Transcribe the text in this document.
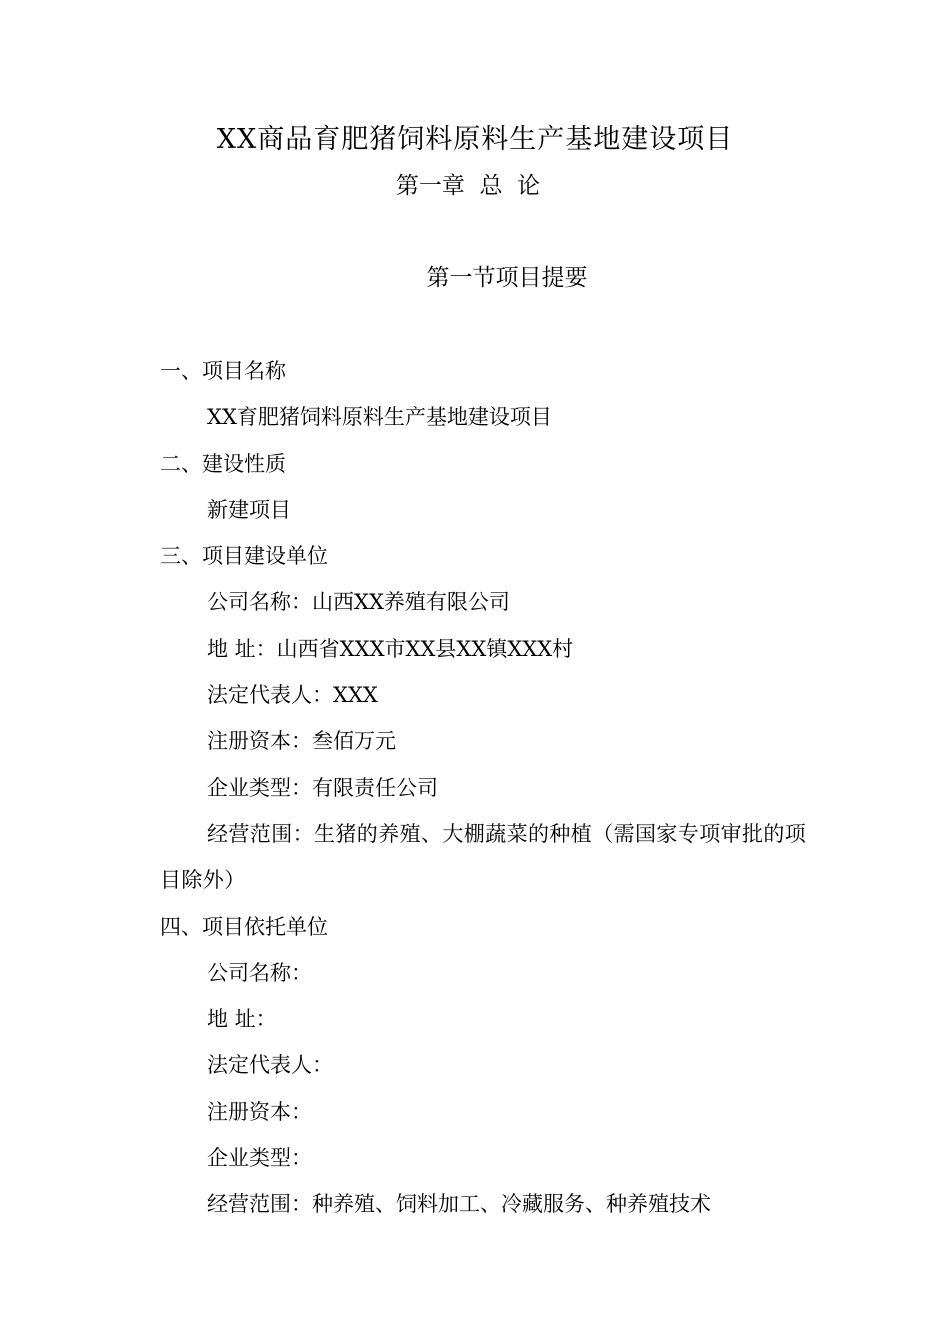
XX商品育肥猪饲料原料生产基地建设项目
第一章  总  论
第一节项目提要
一、项目名称
XX育肥猪饲料原料生产基地建设项目
二、建设性质
新建项目
三、项目建设单位
公司名称：山西XX养殖有限公司
地 址：山西省XXX市XX县XX镇XXX村
法定代表人：XXX
注册资本：叁佰万元
企业类型：有限责任公司
经营范围：生猪的养殖、大棚蔬菜的种植（需国家专项审批的项目除外）
四、项目依托单位
公司名称：
地 址：
法定代表人：
注册资本：
企业类型：
经营范围：种养殖、饲料加工、冷藏服务、种养殖技术
